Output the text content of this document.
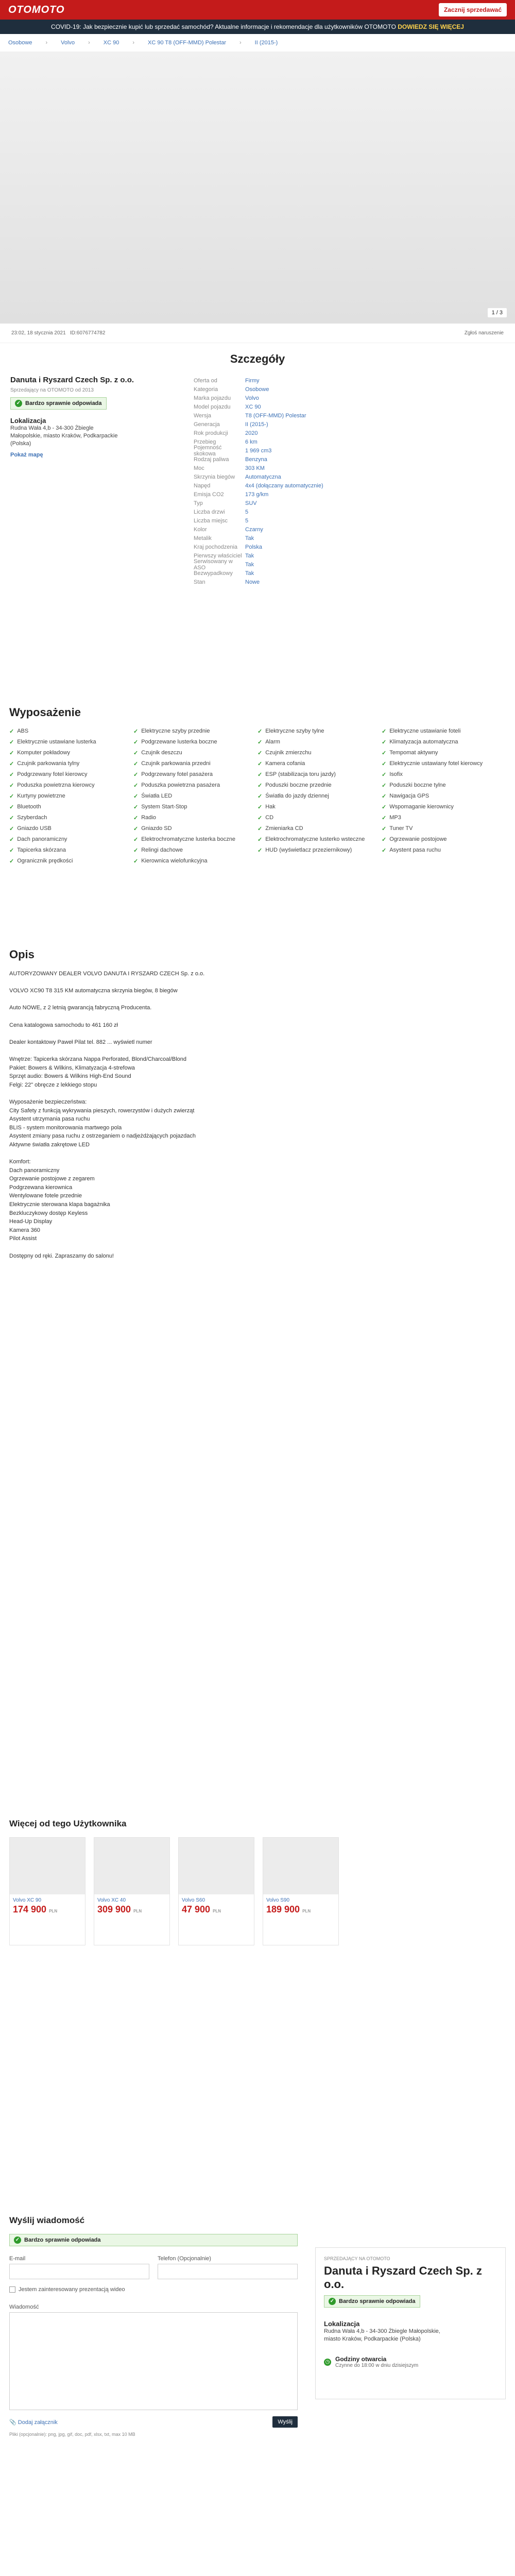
OTOMOTO	Zacznij sprzedawać
COVID-19: Jak bezpiecznie kupić lub sprzedać samochód? Aktualne informacje i rekomendacje dla użytkowników OTOMOTO DOWIEDZ SIĘ WIĘCEJ
Osobowe › Volvo › XC 90 › XC 90 T8 (OFF-MMD) Polestar › II (2015-)
1 / 3
23:02, 18 stycznia 2021 ID:6076774782	Zgłoś naruszenie
Szczegóły
Danuta i Ryszard Czech Sp. z o.o.
Sprzedający na OTOMOTO od 2013
✓ Bardzo sprawnie odpowiada
Lokalizacja
Rudna Wała 4,b - 34-300 Żbiegle Małopolskie, miasto Kraków, Podkarpackie (Polska)
Pokaż mapę
Oferta od	Firmy
Kategoria	Osobowe
Marka pojazdu	Volvo
Model pojazdu	XC 90
Wersja	T8 (OFF-MMD) Polestar
Generacja	II (2015-)
Rok produkcji	2020
Przebieg	6 km
Pojemność skokowa	1 969 cm3
Rodzaj paliwa	Benzyna
Moc	303 KM
Skrzynia biegów	Automatyczna
Napęd	4x4 (dołączany automatycznie)
Emisja CO2	173 g/km
Typ	SUV
Liczba drzwi	5
Liczba miejsc	5
Kolor	Czarny
Metalik	Tak
Kraj pochodzenia	Polska
Pierwszy właściciel Tak
Serwisowany w ASO	Tak
Bezwypadkowy	Tak
Stan	Nowe
Wyposażenie
✓ ABS	✓ Elektryczne szyby przednie	✓ Elektryczne szyby tylne	✓ Elektryczne ustawianie foteli
✓ Elektrycznie ustawiane lusterka	✓ Podgrzewane lusterka boczne	✓ Alarm	✓ Klimatyzacja automatyczna
✓ Komputer pokładowy	✓ Czujnik deszczu	✓ Czujnik zmierzchu	✓ Tempomat aktywny
✓ Czujnik parkowania tylny	✓ Czujnik parkowania przedni	✓ Kamera cofania	✓ Elektrycznie ustawiany fotel kierowcy
✓ Podgrzewany fotel kierowcy	✓ Podgrzewany fotel pasażera	✓ ESP (stabilizacja toru jazdy)	✓ Isofix
✓ Poduszka powietrzna kierowcy	✓ Poduszka powietrzna pasażera	✓ Poduszki boczne przednie	✓ Poduszki boczne tylne
✓ Kurtyny powietrzne	✓ Światła LED	✓ Światła do jazdy dziennej	✓ Nawigacja GPS
✓ Bluetooth	✓ System Start-Stop	✓ Hak	✓ Wspomaganie kierownicy
✓ Szyberdach	✓ Radio	✓ CD	✓ MP3
✓ Gniazdo USB	✓ Gniazdo SD	✓ Zmieniarka CD	✓ Tuner TV
✓ Dach panoramiczny	✓ Elektrochromatyczne lusterka boczne	✓ Elektrochromatyczne lusterko wsteczne	✓ Ogrzewanie postojowe
✓ Tapicerka skórzana	✓ Relingi dachowe	✓ HUD (wyświetlacz przeziernikowy)	✓ Asystent pasa ruchu
✓ Ogranicznik prędkości	✓ Kierownica wielofunkcyjna
Opis
AUTORYZOWANY DEALER VOLVO DANUTA I RYSZARD CZECH Sp. z o.o.

VOLVO XC90 T8 315 KM automatyczna skrzynia biegów, 8 biegów

Auto NOWE, z 2 letnią gwarancją fabryczną Producenta.

Cena katalogowa samochodu to 461 160 zł

Dealer kontaktowy Paweł Pilat tel. 882 ... wyświetl numer

Wnętrze: Tapicerka skórzana Nappa Perforated, Blond/Charcoal/Blond
Pakiet: Bowers & Wilkins, Klimatyzacja 4-strefowa
Sprzęt audio: Bowers & Wilkins High-End Sound
Felgi: 22" obręcze z lekkiego stopu

Wyposażenie bezpieczeństwa:
City Safety z funkcją wykrywania pieszych, rowerzystów i dużych zwierząt
Asystent utrzymania pasa ruchu
BLIS - system monitorowania martwego pola
Asystent zmiany pasa ruchu z ostrzeganiem o nadjeżdżających pojazdach
Aktywne światła zakrętowe LED

Komfort:
Dach panoramiczny
Ogrzewanie postojowe z zegarem
Podgrzewana kierownica
Wentylowane fotele przednie
Elektrycznie sterowana klapa bagażnika
Bezkluczykowy dostęp Keyless
Head-Up Display
Kamera 360
Pilot Assist

Dostępny od ręki. Zapraszamy do salonu!
Więcej od tego Użytkownika
Volvo XC 90
174 900 PLN
Volvo XC 40
309 900 PLN
Volvo S60
47 900 PLN
Volvo S90
189 900 PLN
Wyślij wiadomość
✓ Bardzo sprawnie odpowiada
E-mail	Telefon (Opcjonalnie)
Jestem zainteresowany prezentacją wideo
Wiadomość
📎 Dodaj załącznik	Wyślij
Pliki (opcjonalnie): png, jpg, gif, doc, pdf, xlsx, txt, max 10 MB
SPRZEDAJĄCY NA OTOMOTO
Danuta i Ryszard Czech Sp. z o.o.
✓ Bardzo sprawnie odpowiada
Lokalizacja
Rudna Wała 4,b - 34-300 Żbiegle Małopolskie, miasto Kraków, Podkarpackie (Polska)
◷ Godziny otwarcia
Czynne do 18:00 w dniu dzisiejszym
